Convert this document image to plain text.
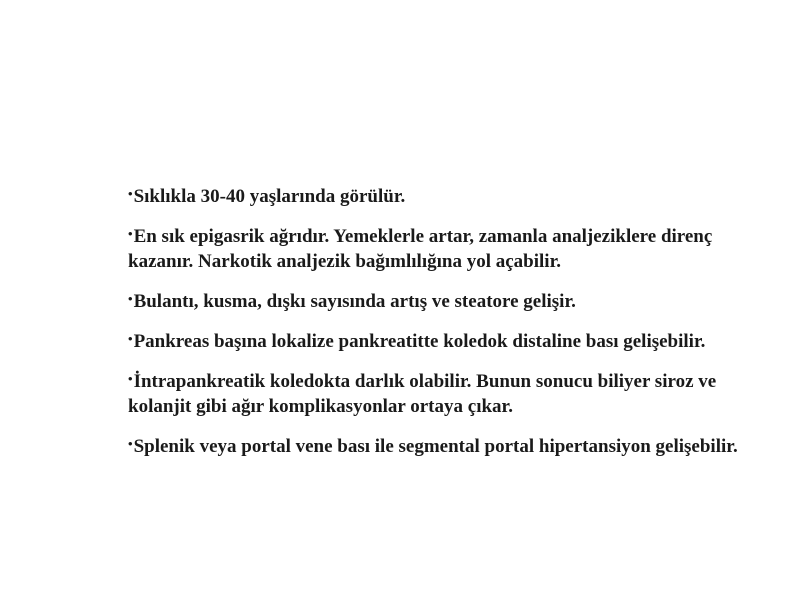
•Sıklıkla 30-40 yaşlarında görülür.
•En sık epigasrik ağrıdır. Yemeklerle artar, zamanla analjeziklere direnç kazanır. Narkotik analjezik bağımlılığına yol açabilir.
•Bulantı, kusma, dışkı sayısında artış ve steatore gelişir.
•Pankreas başına lokalize pankreatitte koledok distaline bası gelişebilir.
•İntrapankreatik koledokta darlık olabilir. Bunun sonucu biliyer siroz ve kolanjit gibi ağır komplikasyonlar ortaya çıkar.
•Splenik veya portal vene bası ile segmental portal hipertansiyon gelişebilir.
